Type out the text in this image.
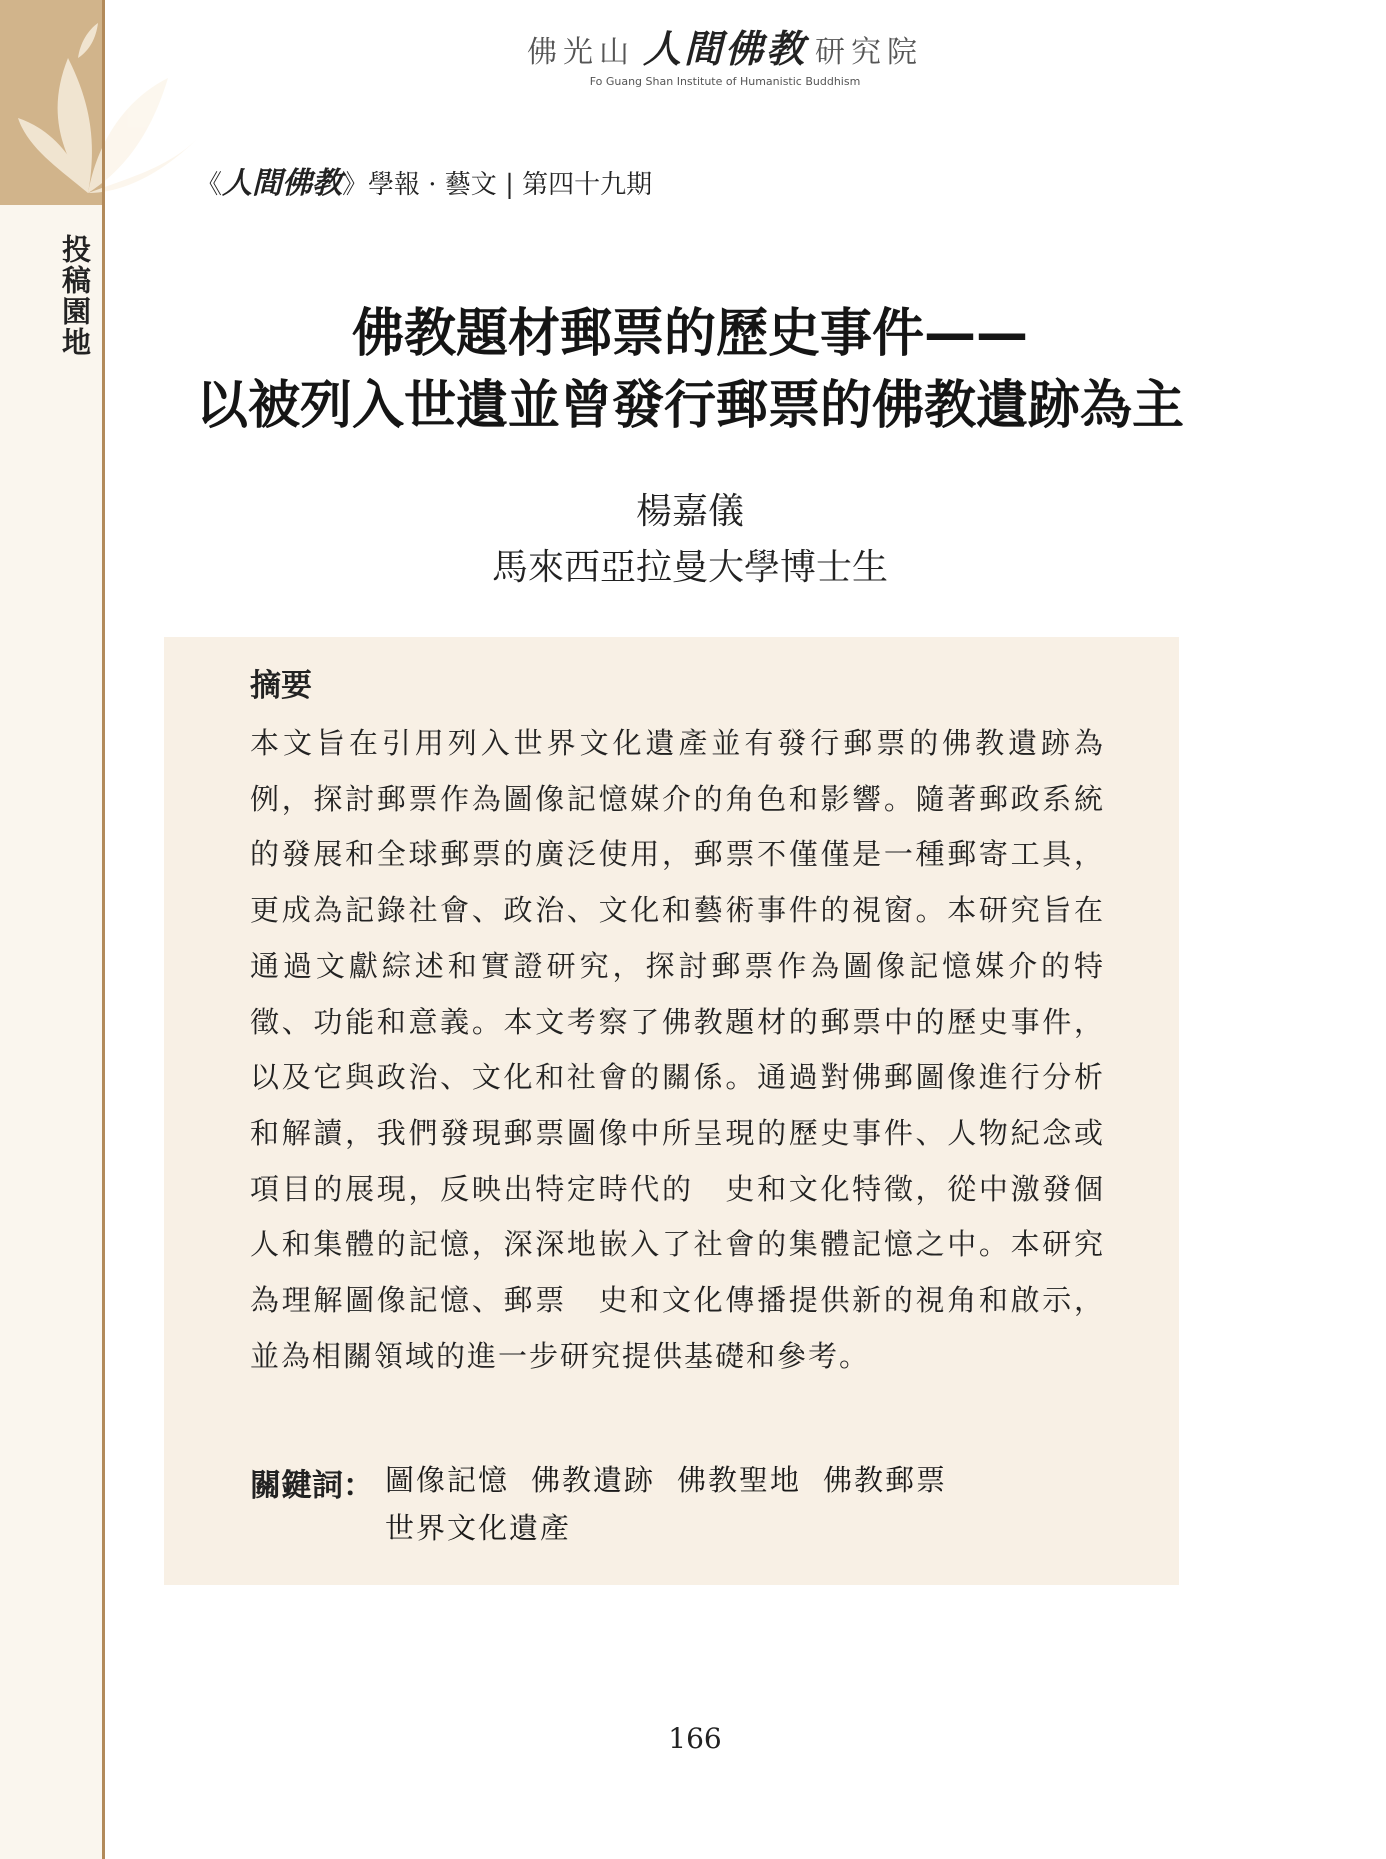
投稿園地
佛光山 人間佛教 研究院
Fo Guang Shan Institute of Humanistic Buddhism
《人間佛教》學報 · 藝文 | 第四十九期
佛教題材郵票的歷史事件——
以被列入世遺並曾發行郵票的佛教遺跡為主
楊嘉儀
馬來西亞拉曼大學博士生
摘要
本文旨在引用列入世界文化遺產並有發行郵票的佛教遺跡為例，探討郵票作為圖像記憶媒介的角色和影響。隨著郵政系統的發展和全球郵票的廣泛使用，郵票不僅僅是一種郵寄工具，更成為記錄社會、政治、文化和藝術事件的視窗。本研究旨在通過文獻綜述和實證研究，探討郵票作為圖像記憶媒介的特徵、功能和意義。本文考察了佛教題材的郵票中的歷史事件，以及它與政治、文化和社會的關係。通過對佛郵圖像進行分析和解讀，我們發現郵票圖像中所呈現的歷史事件、人物紀念或項目的展現，反映出特定時代的　史和文化特徵，從中激發個人和集體的記憶，深深地嵌入了社會的集體記憶之中。本研究為理解圖像記憶、郵票　史和文化傳播提供新的視角和啟示，並為相關領域的進一步研究提供基礎和參考。
關鍵詞： 圖像記憶 佛教遺跡 佛教聖地 佛教郵票
世界文化遺產
166
